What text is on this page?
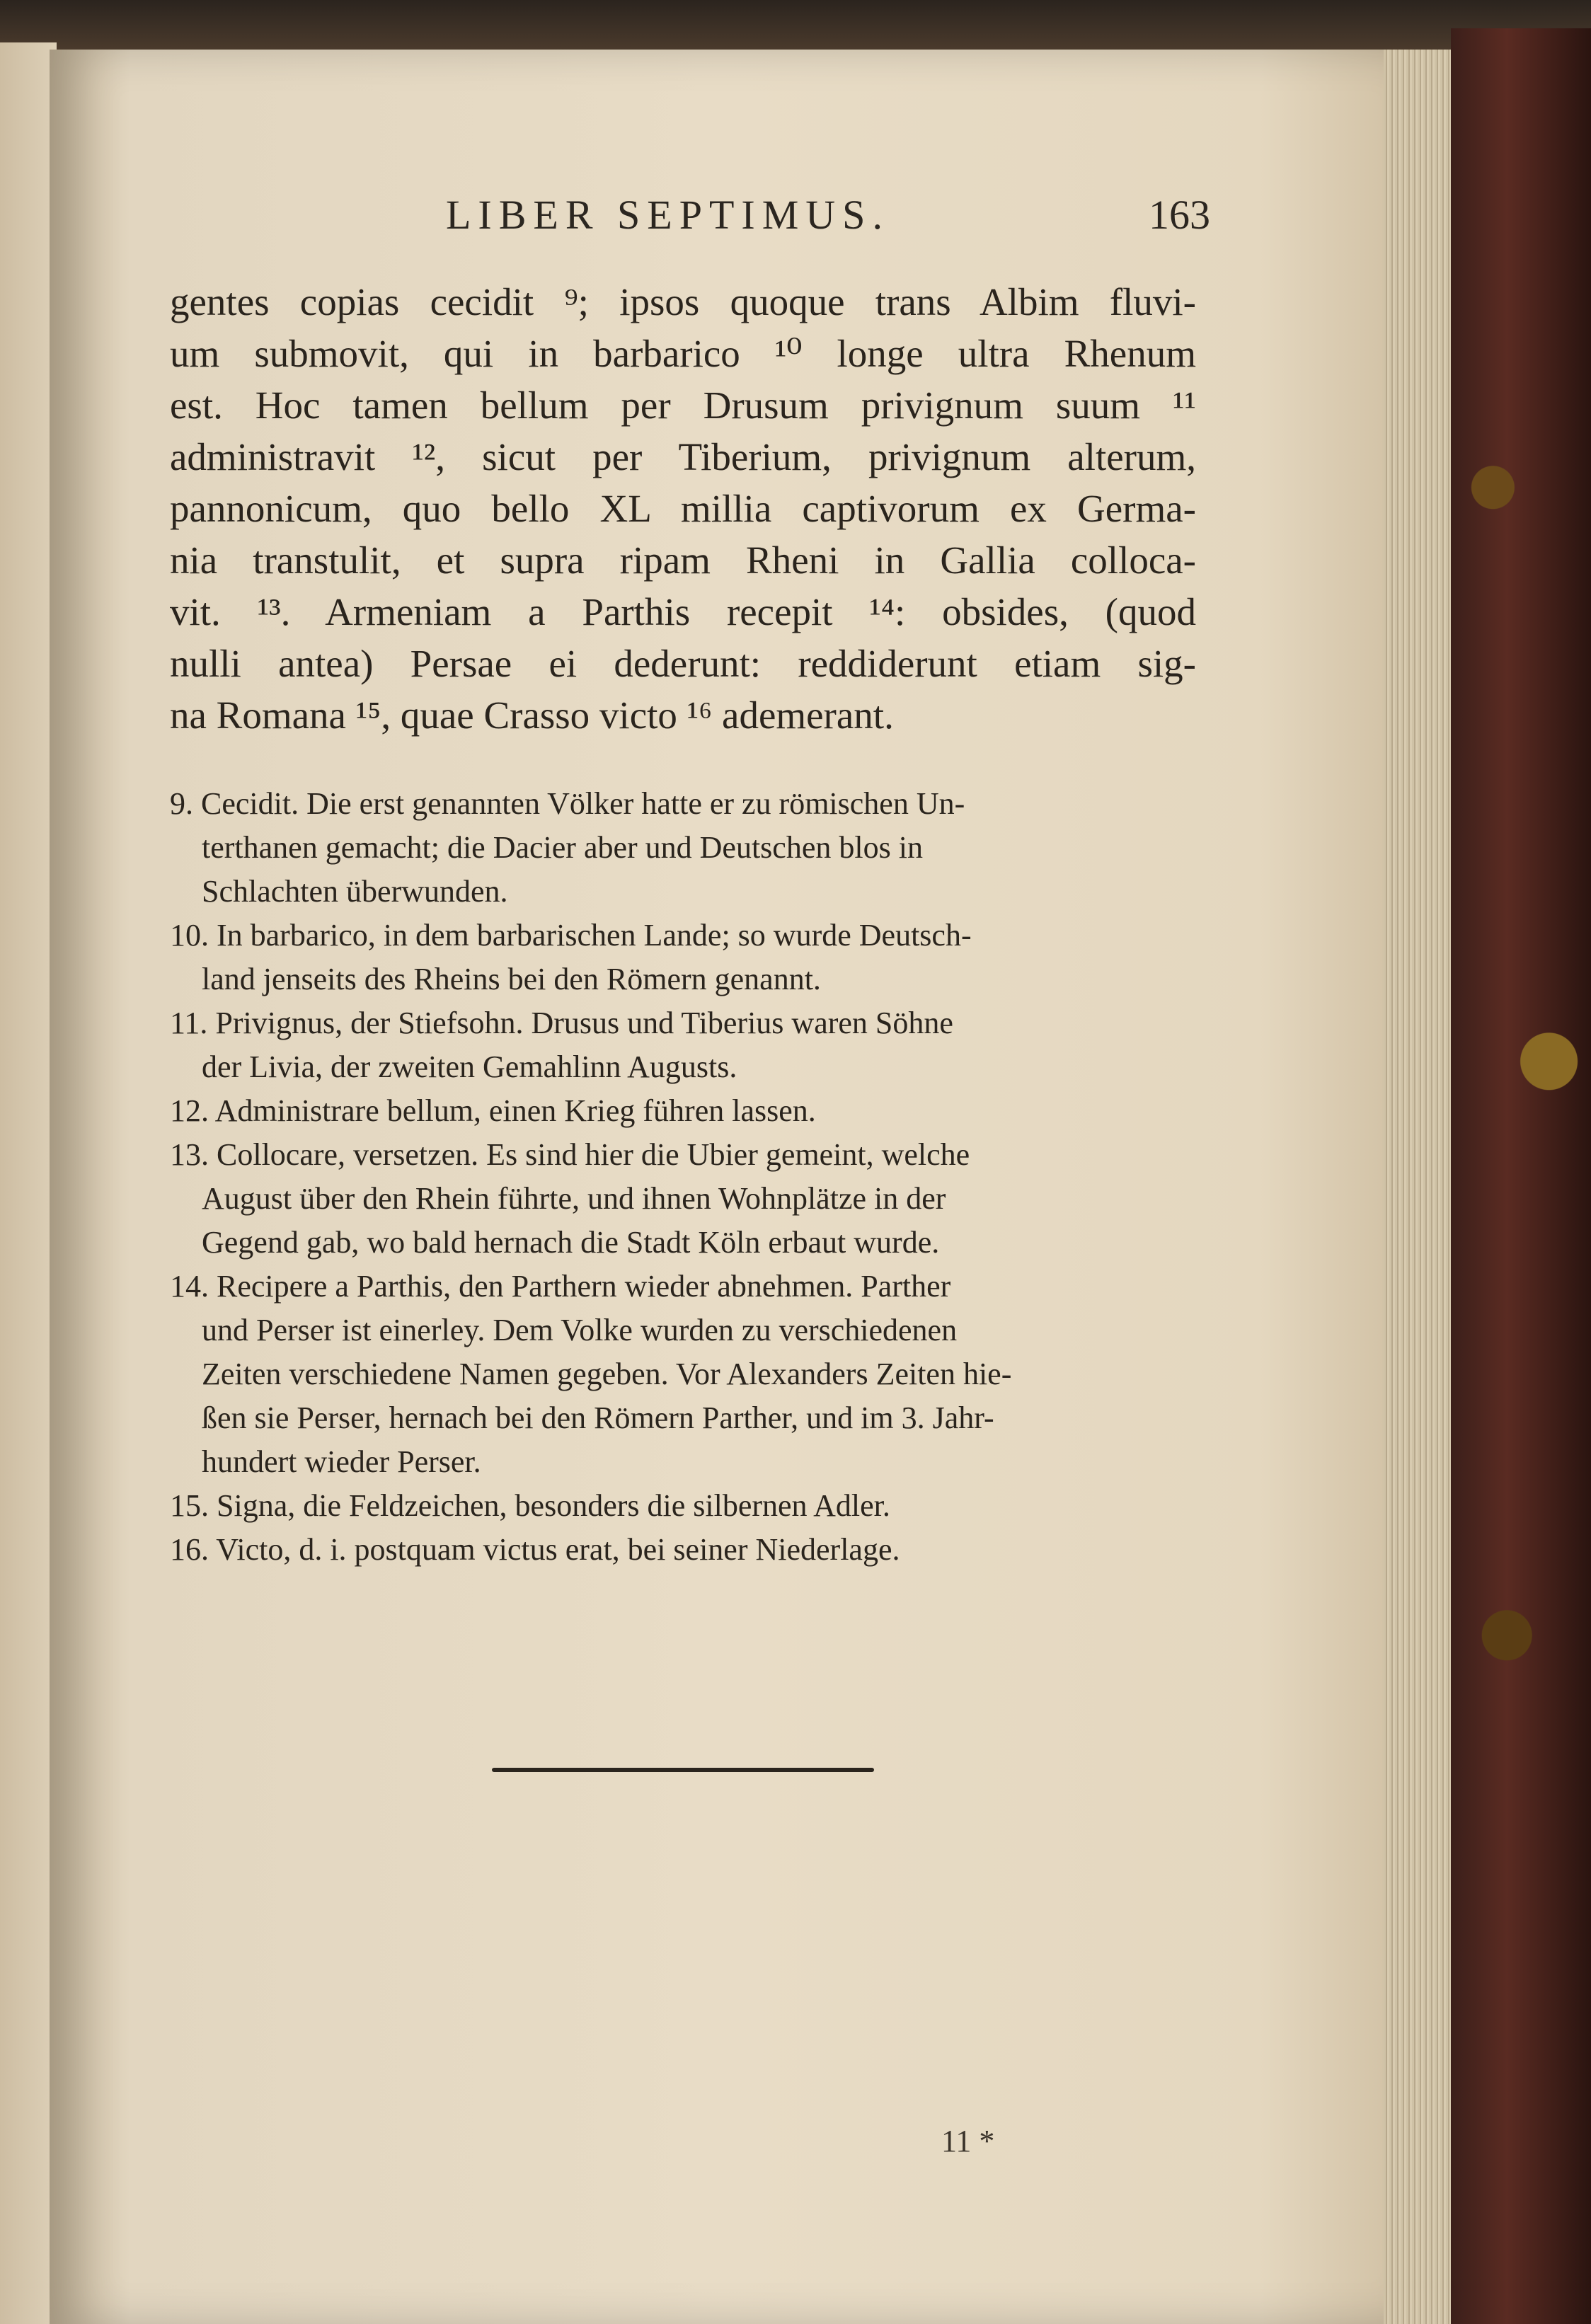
LIBER SEPTIMUS.	163
gentes copias cecidit ⁹; ipsos quoque trans Albim fluvi-
um submovit, qui in barbarico ¹⁰ longe ultra Rhenum
est. Hoc tamen bellum per Drusum privignum suum ¹¹
administravit ¹², sicut per Tiberium, privignum alterum,
pannonicum, quo bello XL millia captivorum ex Germa-
nia transtulit, et supra ripam Rheni in Gallia colloca-
vit. ¹³. Armeniam a Parthis recepit ¹⁴: obsides, (quod
nulli antea) Persae ei dederunt: reddiderunt etiam sig-
na Romana ¹⁵, quae Crasso victo ¹⁶ ademerant.
9. Cecidit. Die erst genannten Völker hatte er zu römischen Un-
terthanen gemacht; die Dacier aber und Deutschen blos in
Schlachten überwunden.
10. In barbarico, in dem barbarischen Lande; so wurde Deutsch-
land jenseits des Rheins bei den Römern genannt.
11. Privignus, der Stiefsohn. Drusus und Tiberius waren Söhne
der Livia, der zweiten Gemahlinn Augusts.
12. Administrare bellum, einen Krieg führen lassen.
13. Collocare, versetzen. Es sind hier die Ubier gemeint, welche
August über den Rhein führte, und ihnen Wohnplätze in der
Gegend gab, wo bald hernach die Stadt Köln erbaut wurde.
14. Recipere a Parthis, den Parthern wieder abnehmen. Parther
und Perser ist einerley. Dem Volke wurden zu verschiedenen
Zeiten verschiedene Namen gegeben. Vor Alexanders Zeiten hie-
ßen sie Perser, hernach bei den Römern Parther, und im 3. Jahr-
hundert wieder Perser.
15. Signa, die Feldzeichen, besonders die silbernen Adler.
16. Victo, d. i. postquam victus erat, bei seiner Niederlage.
11 *
